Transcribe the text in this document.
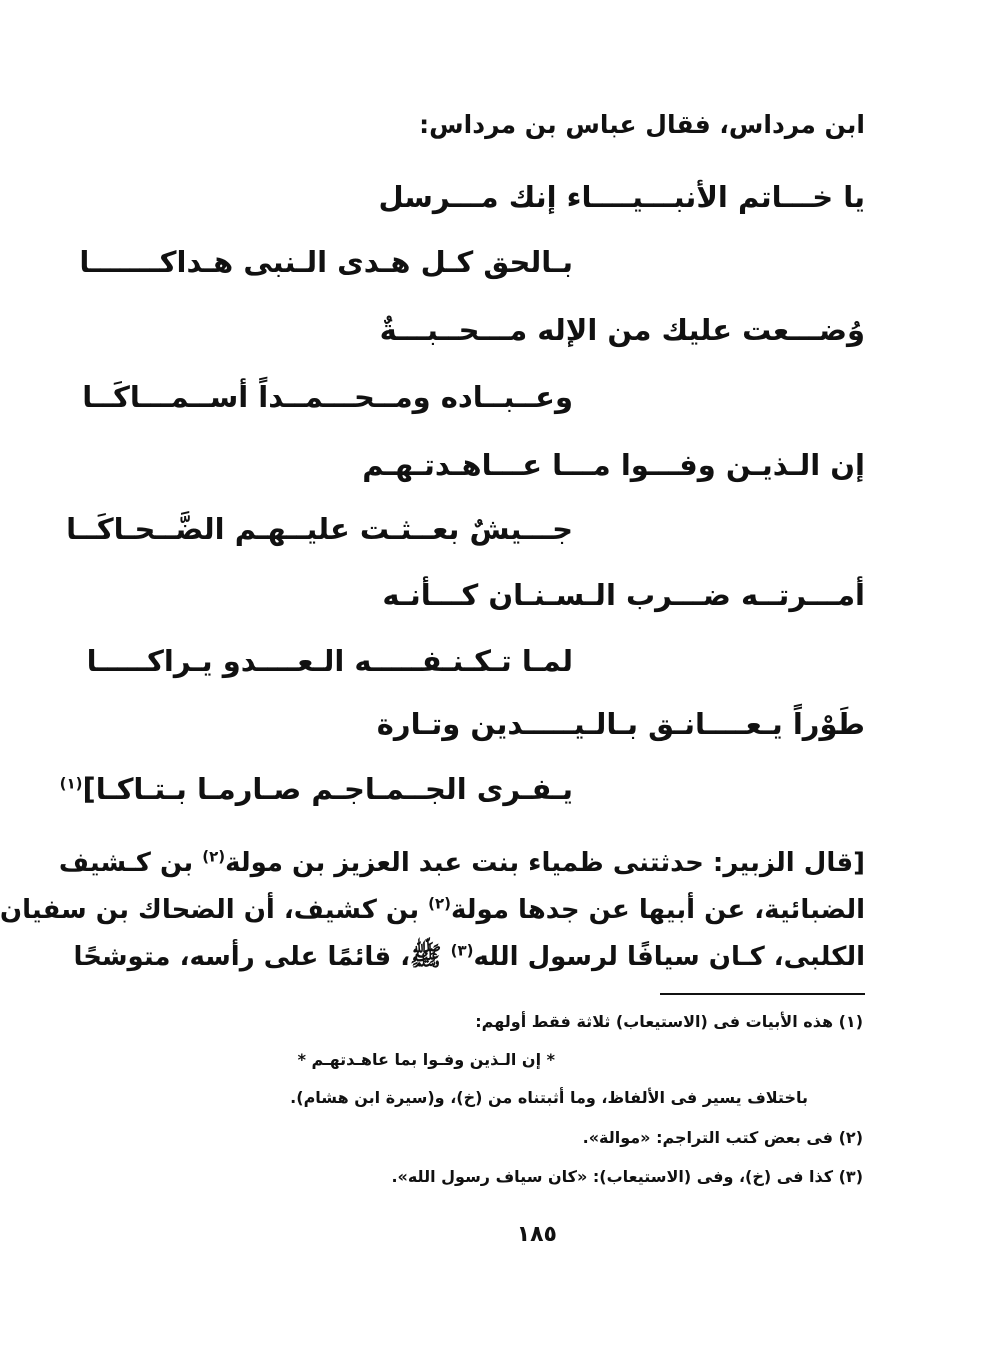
ابن مرداس، فقال عباس بن مرداس:
يا خـــاتم الأنبـــيــــاء إنك مـــرسل
بـالحق كـل هـدى الـنبى هـداكـــــــا
وُضـــعت عليك من الإله مـــحــبـــةٌ
وعــبــاده ومــحـــمــداً أســمـــاكَــا
إن الـذيـن وفـــوا مـــا عـــاهـدتـهـم
جـــيشٌ بعــثـت عليــهـم الضَّــحـاكَــا
أمـــرتــه ضـــرب الـسـنـان كـــأنـه
لمـا تـكـنـفـــــه الـعــــدو يـراكـــــا
طَوْراً يـعــــانـق بـالـيـــــدين وتـارة
يـفـرى الجــمـاجـم صـارمـا بـتـاكـا]$^{(١)}$
[قال الزبير: حدثتنى ظمياء بنت عبد العزيز بن مولة$^{(٢)}$ بن كـشيف
الضبائية، عن أبيها عن جدها مولة$^{(٢)}$ بن كشيف، أن الضحاك بن سفيان
الكلبى، كـان سيافًا لرسول الله$^{(٣)}$ ﷺ، قائمًا على رأسه، متوشحًا
(١) هذه الأبيات فى (الاستيعاب) ثلاثة فقط أولهم:
* إن الـذين وفـوا بما عاهـدتهـم *
باختلاف يسير فى الألفاظ، وما أثبتناه من (خ)، و(سيرة ابن هشام).
(٢) فى بعض كتب التراجم: «موالة».
(٣) كذا فى (خ)، وفى (الاستيعاب): «كان سياف رسول الله».
١٨٥
